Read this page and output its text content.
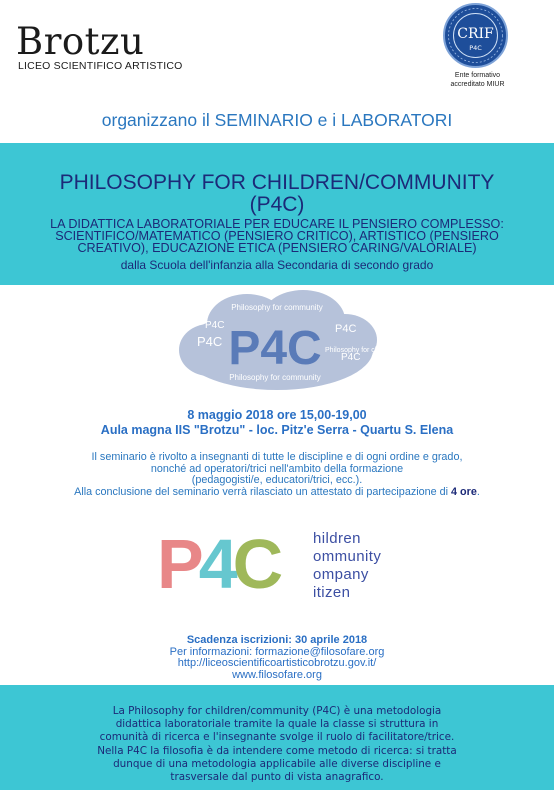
Brotzu
LICEO SCIENTIFICO ARTISTICO
CRIF
P4C
Ente formativo
accreditato MIUR
organizzano il SEMINARIO e i LABORATORI
PHILOSOPHY FOR CHILDREN/COMMUNITY
(P4C)
LA DIDATTICA LABORATORIALE PER EDUCARE IL PENSIERO COMPLESSO:
SCIENTIFICO/MATEMATICO (PENSIERO CRITICO), ARTISTICO (PENSIERO
CREATIVO), EDUCAZIONE ETICA (PENSIERO CARING/VALORIALE)
dalla Scuola dell'infanzia alla Secondaria di secondo grado
Philosophy for community
P4C
P4C
P4C
P4C
P4C Philosophy for children
Philosophy for community
8 maggio 2018 ore 15,00-19,00
Aula magna IIS "Brotzu" - loc. Pitz'e Serra - Quartu S. Elena
Il seminario è rivolto a insegnanti di tutte le discipline e di ogni ordine e grado,
nonché ad operatori/trici nell'ambito della formazione
(pedagogisti/e, educatori/trici, ecc.).
Alla conclusione del seminario verrà rilasciato un attestato di partecipazione di 4 ore.
P4C hildren
ommunity
ompany
itizen
Scadenza iscrizioni: 30 aprile 2018
Per informazioni: formazione@filosofare.org
http://liceoscientificoartisticobrotzu.gov.it/
www.filosofare.org
La Philosophy for children/community (P4C) è una metodologia
didattica laboratoriale tramite la quale la classe si struttura in
comunità di ricerca e l'insegnante svolge il ruolo di facilitatore/trice.
Nella P4C la filosofia è da intendere come metodo di ricerca: si tratta
dunque di una metodologia applicabile alle diverse discipline e
trasversale dal punto di vista anagrafico.
